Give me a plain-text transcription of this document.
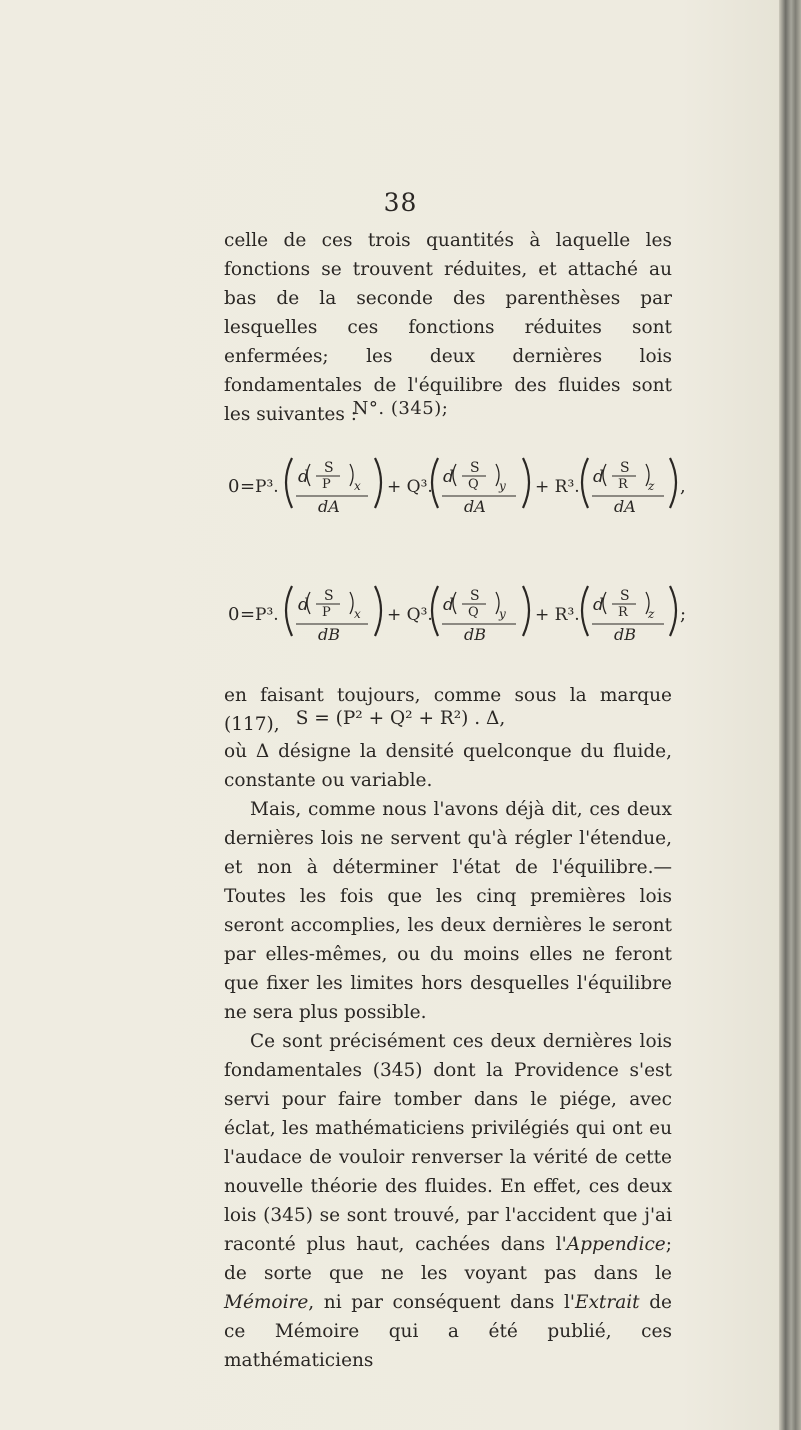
38

celle de ces trois quantités à laquelle les fonctions se trouvent réduites, et attaché au bas de la seconde des parenthèses par lesquelles ces fonctions réduites sont enfermées; les deux dernières lois fondamentales de l'équilibre des fluides sont les suivantes :

N°. (345);
0 = P³. d S
P x
dA
+ Q³. d S
Q y
dA
+ R³. d S
R z
dA
,
0 = P³. d S
P x
dB
+ Q³. d S
Q y
dB
+ R³. d S
R z
dB
;

en faisant toujours, comme sous la marque (117), S = (P² + Q² + R²) . Δ,

où Δ désigne la densité quelconque du fluide, constante ou variable.

Mais, comme nous l'avons déjà dit, ces deux dernières lois ne servent qu'à régler l'étendue, et non à déterminer l'état de l'équilibre.—Toutes les fois que les cinq premières lois seront accomplies, les deux dernières le seront par elles-mêmes, ou du moins elles ne feront que fixer les limites hors desquelles l'équilibre ne sera plus possible.

Ce sont précisément ces deux dernières lois fondamentales (345) dont la Providence s'est servi pour faire tomber dans le piége, avec éclat, les mathématiciens privilégiés qui ont eu l'audace de vouloir renverser la vérité de cette nouvelle théorie des fluides. En effet, ces deux lois (345) se sont trouvé, par l'accident que j'ai raconté plus haut, cachées dans l'Appendice; de sorte que ne les voyant pas dans le Mémoire, ni par conséquent dans l'Extrait de ce Mémoire qui a été publié, ces mathématiciens
